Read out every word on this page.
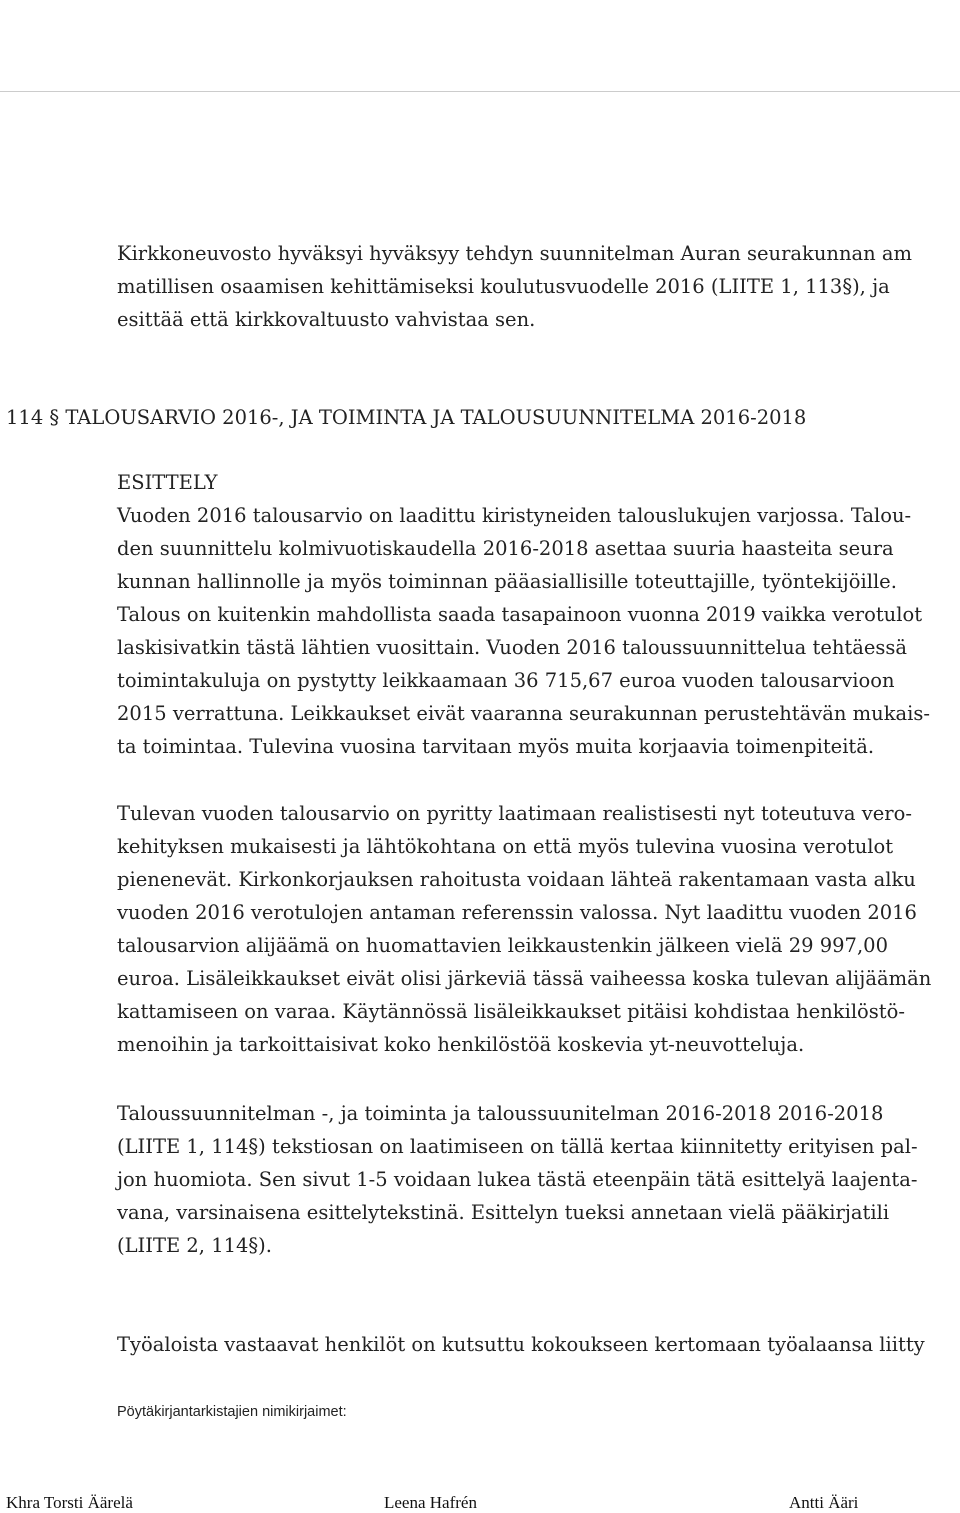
AURAN SEURAKUNTA	KOKOUSKUTSU
PÖYTÄKIRJA
8/2015
08.12.2015
Kirkkoneuvosto	17/20
Kirkkoneuvosto hyväksyi hyväksyy tehdyn suunnitelman Auran seurakunnan am
matillisen osaamisen kehittämiseksi koulutusvuodelle 2016 (LIITE 1, 113§), ja
esittää että kirkkovaltuusto vahvistaa sen.
114 § TALOUSARVIO 2016-, JA TOIMINTA JA TALOUSUUNNITELMA 2016-2018
ESITTELY
Vuoden 2016 talousarvio on laadittu kiristyneiden talouslukujen varjossa. Talou-
den suunnittelu kolmivuotiskaudella 2016-2018 asettaa suuria haasteita seura
kunnan hallinnolle ja myös toiminnan pääasiallisille toteuttajille, työntekijöille.
Talous on kuitenkin mahdollista saada tasapainoon vuonna 2019 vaikka verotulot
laskisivatkin tästä lähtien vuosittain. Vuoden 2016 taloussuunnittelua tehtäessä
toimintakuluja on pystytty leikkaamaan 36 715,67 euroa vuoden talousarvioon
2015 verrattuna. Leikkaukset eivät vaaranna seurakunnan perustehtävän mukais-
ta toimintaa. Tulevina vuosina tarvitaan myös muita korjaavia toimenpiteitä.
Tulevan vuoden talousarvio on pyritty laatimaan realistisesti nyt toteutuva vero-
kehityksen mukaisesti ja lähtökohtana on että myös tulevina vuosina verotulot
pienenevät. Kirkonkorjauksen rahoitusta voidaan lähteä rakentamaan vasta alku
vuoden 2016 verotulojen antaman referenssin valossa. Nyt laadittu vuoden 2016
talousarvion alijäämä on huomattavien leikkaustenkin jälkeen vielä 29 997,00
euroa. Lisäleikkaukset eivät olisi järkeviä tässä vaiheessa koska tulevan alijäämän
kattamiseen on varaa. Käytännössä lisäleikkaukset pitäisi kohdistaa henkilöstö-
menoihin ja tarkoittaisivat koko henkilöstöä koskevia yt-neuvotteluja.
Taloussuunnitelman -, ja toiminta ja taloussuunitelman 2016-2018 2016-2018
(LIITE 1, 114§) tekstiosan on laatimiseen on tällä kertaa kiinnitetty erityisen pal-
jon huomiota. Sen sivut 1-5 voidaan lukea tästä eteenpäin tätä esittelyä laajenta-
vana, varsinaisena esittelytekstinä. Esittelyn tueksi annetaan vielä pääkirjatili
(LIITE 2, 114§).
Työaloista vastaavat henkilöt on kutsuttu kokoukseen kertomaan työalaansa liitty
Pöytäkirjantarkistajien nimikirjaimet:
Khra Torsti Äärelä	Leena Hafrén	Antti Ääri
